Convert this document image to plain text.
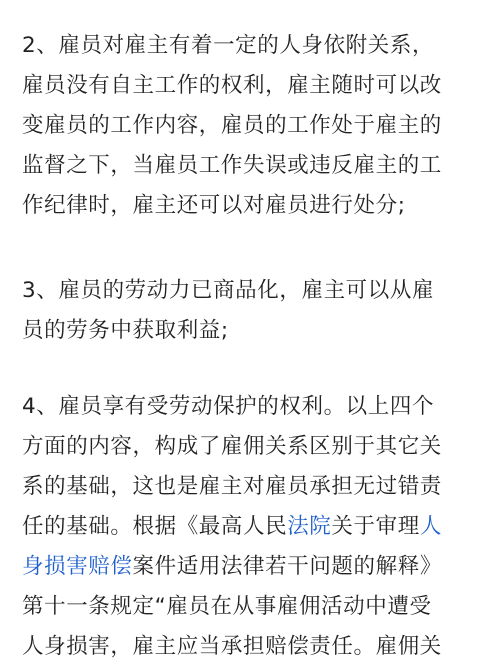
2、雇员对雇主有着一定的人身依附关系，
雇员没有自主工作的权利，雇主随时可以改
变雇员的工作内容，雇员的工作处于雇主的
监督之下，当雇员工作失误或违反雇主的工
作纪律时，雇主还可以对雇员进行处分;

3、雇员的劳动力已商品化，雇主可以从雇
员的劳务中获取利益;

4、雇员享有受劳动保护的权利。以上四个
方面的内容，构成了雇佣关系区别于其它关
系的基础，这也是雇主对雇员承担无过错责
任的基础。根据《最高人民法院关于审理人
身损害赔偿案件适用法律若干问题的解释》
第十一条规定“雇员在从事雇佣活动中遭受
人身损害，雇主应当承担赔偿责任。雇佣关
